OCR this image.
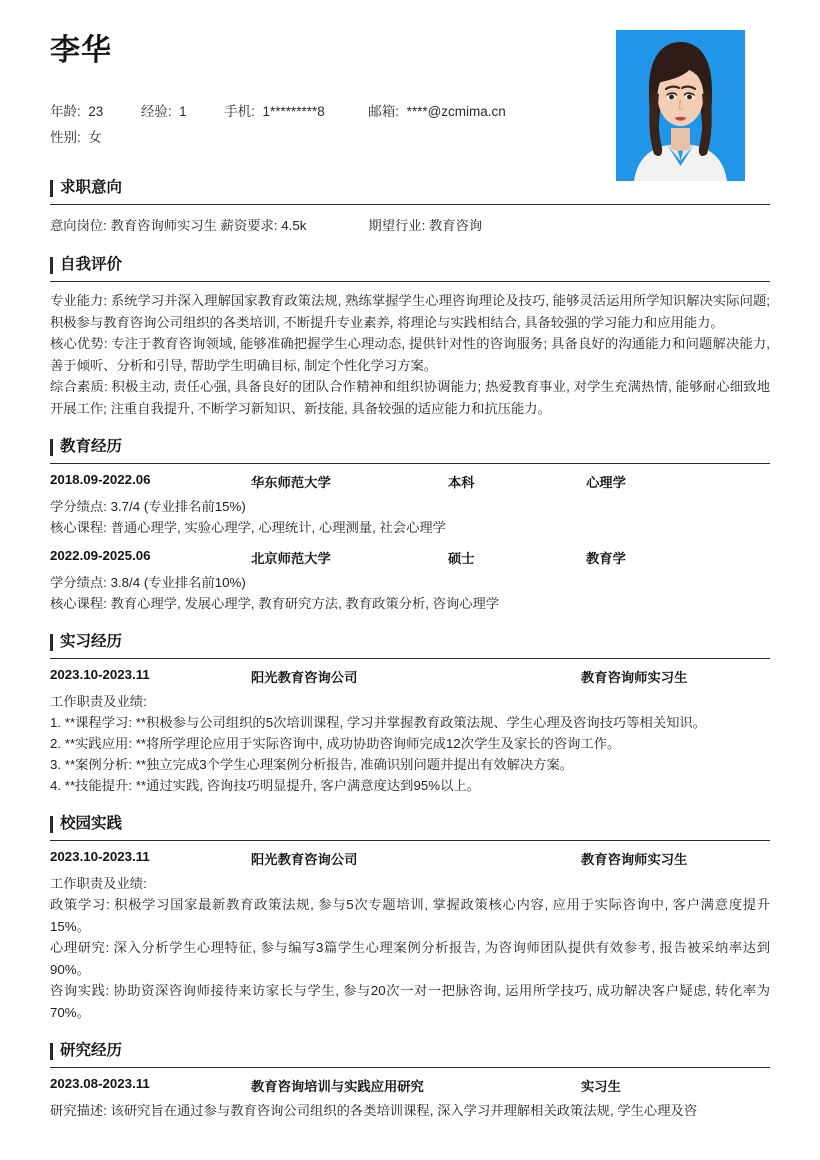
李华
年龄: 23	经验: 1	手机: 1*********8	邮箱: ****@zcmima.cn
性别: 女
求职意向
意向岗位: 教育咨询师实习生 薪资要求: 4.5k	期望行业: 教育咨询
自我评价

专业能力: 系统学习并深入理解国家教育政策法规, 熟练掌握学生心理咨询理论及技巧, 能够灵活运用所学知识解决实际问题; 积极参与教育咨询公司组织的各类培训, 不断提升专业素养, 将理论与实践相结合, 具备较强的学习能力和应用能力。

核心优势: 专注于教育咨询领域, 能够准确把握学生心理动态, 提供针对性的咨询服务; 具备良好的沟通能力和问题解决能力, 善于倾听、分析和引导, 帮助学生明确目标, 制定个性化学习方案。

综合素质: 积极主动, 责任心强, 具备良好的团队合作精神和组织协调能力; 热爱教育事业, 对学生充满热情, 能够耐心细致地开展工作; 注重自我提升, 不断学习新知识、新技能, 具备较强的适应能力和抗压能力。

教育经历
2018.09-2022.06	华东师范大学	本科	心理学
学分绩点: 3.7/4 (专业排名前15%)
核心课程: 普通心理学, 实验心理学, 心理统计, 心理测量, 社会心理学
2022.09-2025.06	北京师范大学	硕士	教育学
学分绩点: 3.8/4 (专业排名前10%)
核心课程: 教育心理学, 发展心理学, 教育研究方法, 教育政策分析, 咨询心理学
实习经历
2023.10-2023.11	阳光教育咨询公司	教育咨询师实习生
工作职责及业绩:
1. **课程学习: **积极参与公司组织的5次培训课程, 学习并掌握教育政策法规、学生心理及咨询技巧等相关知识。
2. **实践应用: **将所学理论应用于实际咨询中, 成功协助咨询师完成12次学生及家长的咨询工作。
3. **案例分析: **独立完成3个学生心理案例分析报告, 准确识别问题并提出有效解决方案。
4. **技能提升: **通过实践, 咨询技巧明显提升, 客户满意度达到95%以上。
校园实践
2023.10-2023.11	阳光教育咨询公司	教育咨询师实习生
工作职责及业绩:

政策学习: 积极学习国家最新教育政策法规, 参与5次专题培训, 掌握政策核心内容, 应用于实际咨询中, 客户满意度提升15%。

心理研究: 深入分析学生心理特征, 参与编写3篇学生心理案例分析报告, 为咨询师团队提供有效参考, 报告被采纳率达到90%。

咨询实践: 协助资深咨询师接待来访家长与学生, 参与20次一对一把脉咨询, 运用所学技巧, 成功解决客户疑虑, 转化率为70%。

研究经历
2023.08-2023.11	教育咨询培训与实践应用研究	实习生
研究描述: 该研究旨在通过参与教育咨询公司组织的各类培训课程, 深入学习并理解相关政策法规, 学生心理及咨
